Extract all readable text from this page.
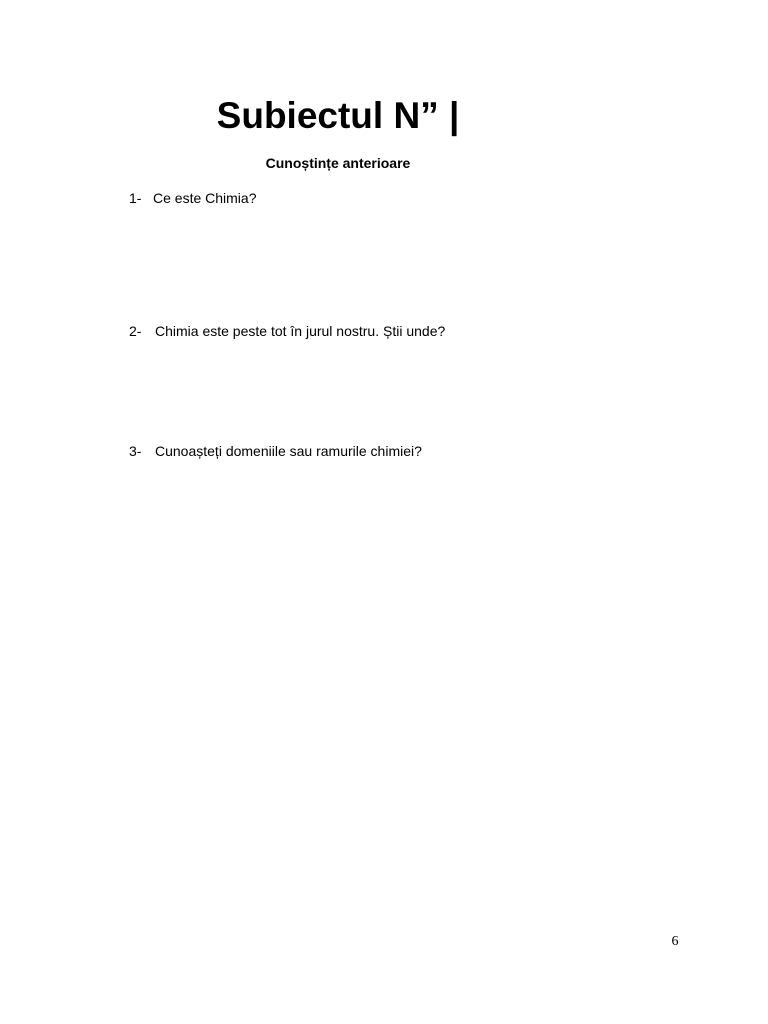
Subiectul N” |
Cunoștințe anterioare
1- Ce este Chimia?
2- Chimia este peste tot în jurul nostru. Știi unde?
3- Cunoașteți domeniile sau ramurile chimiei?
6
